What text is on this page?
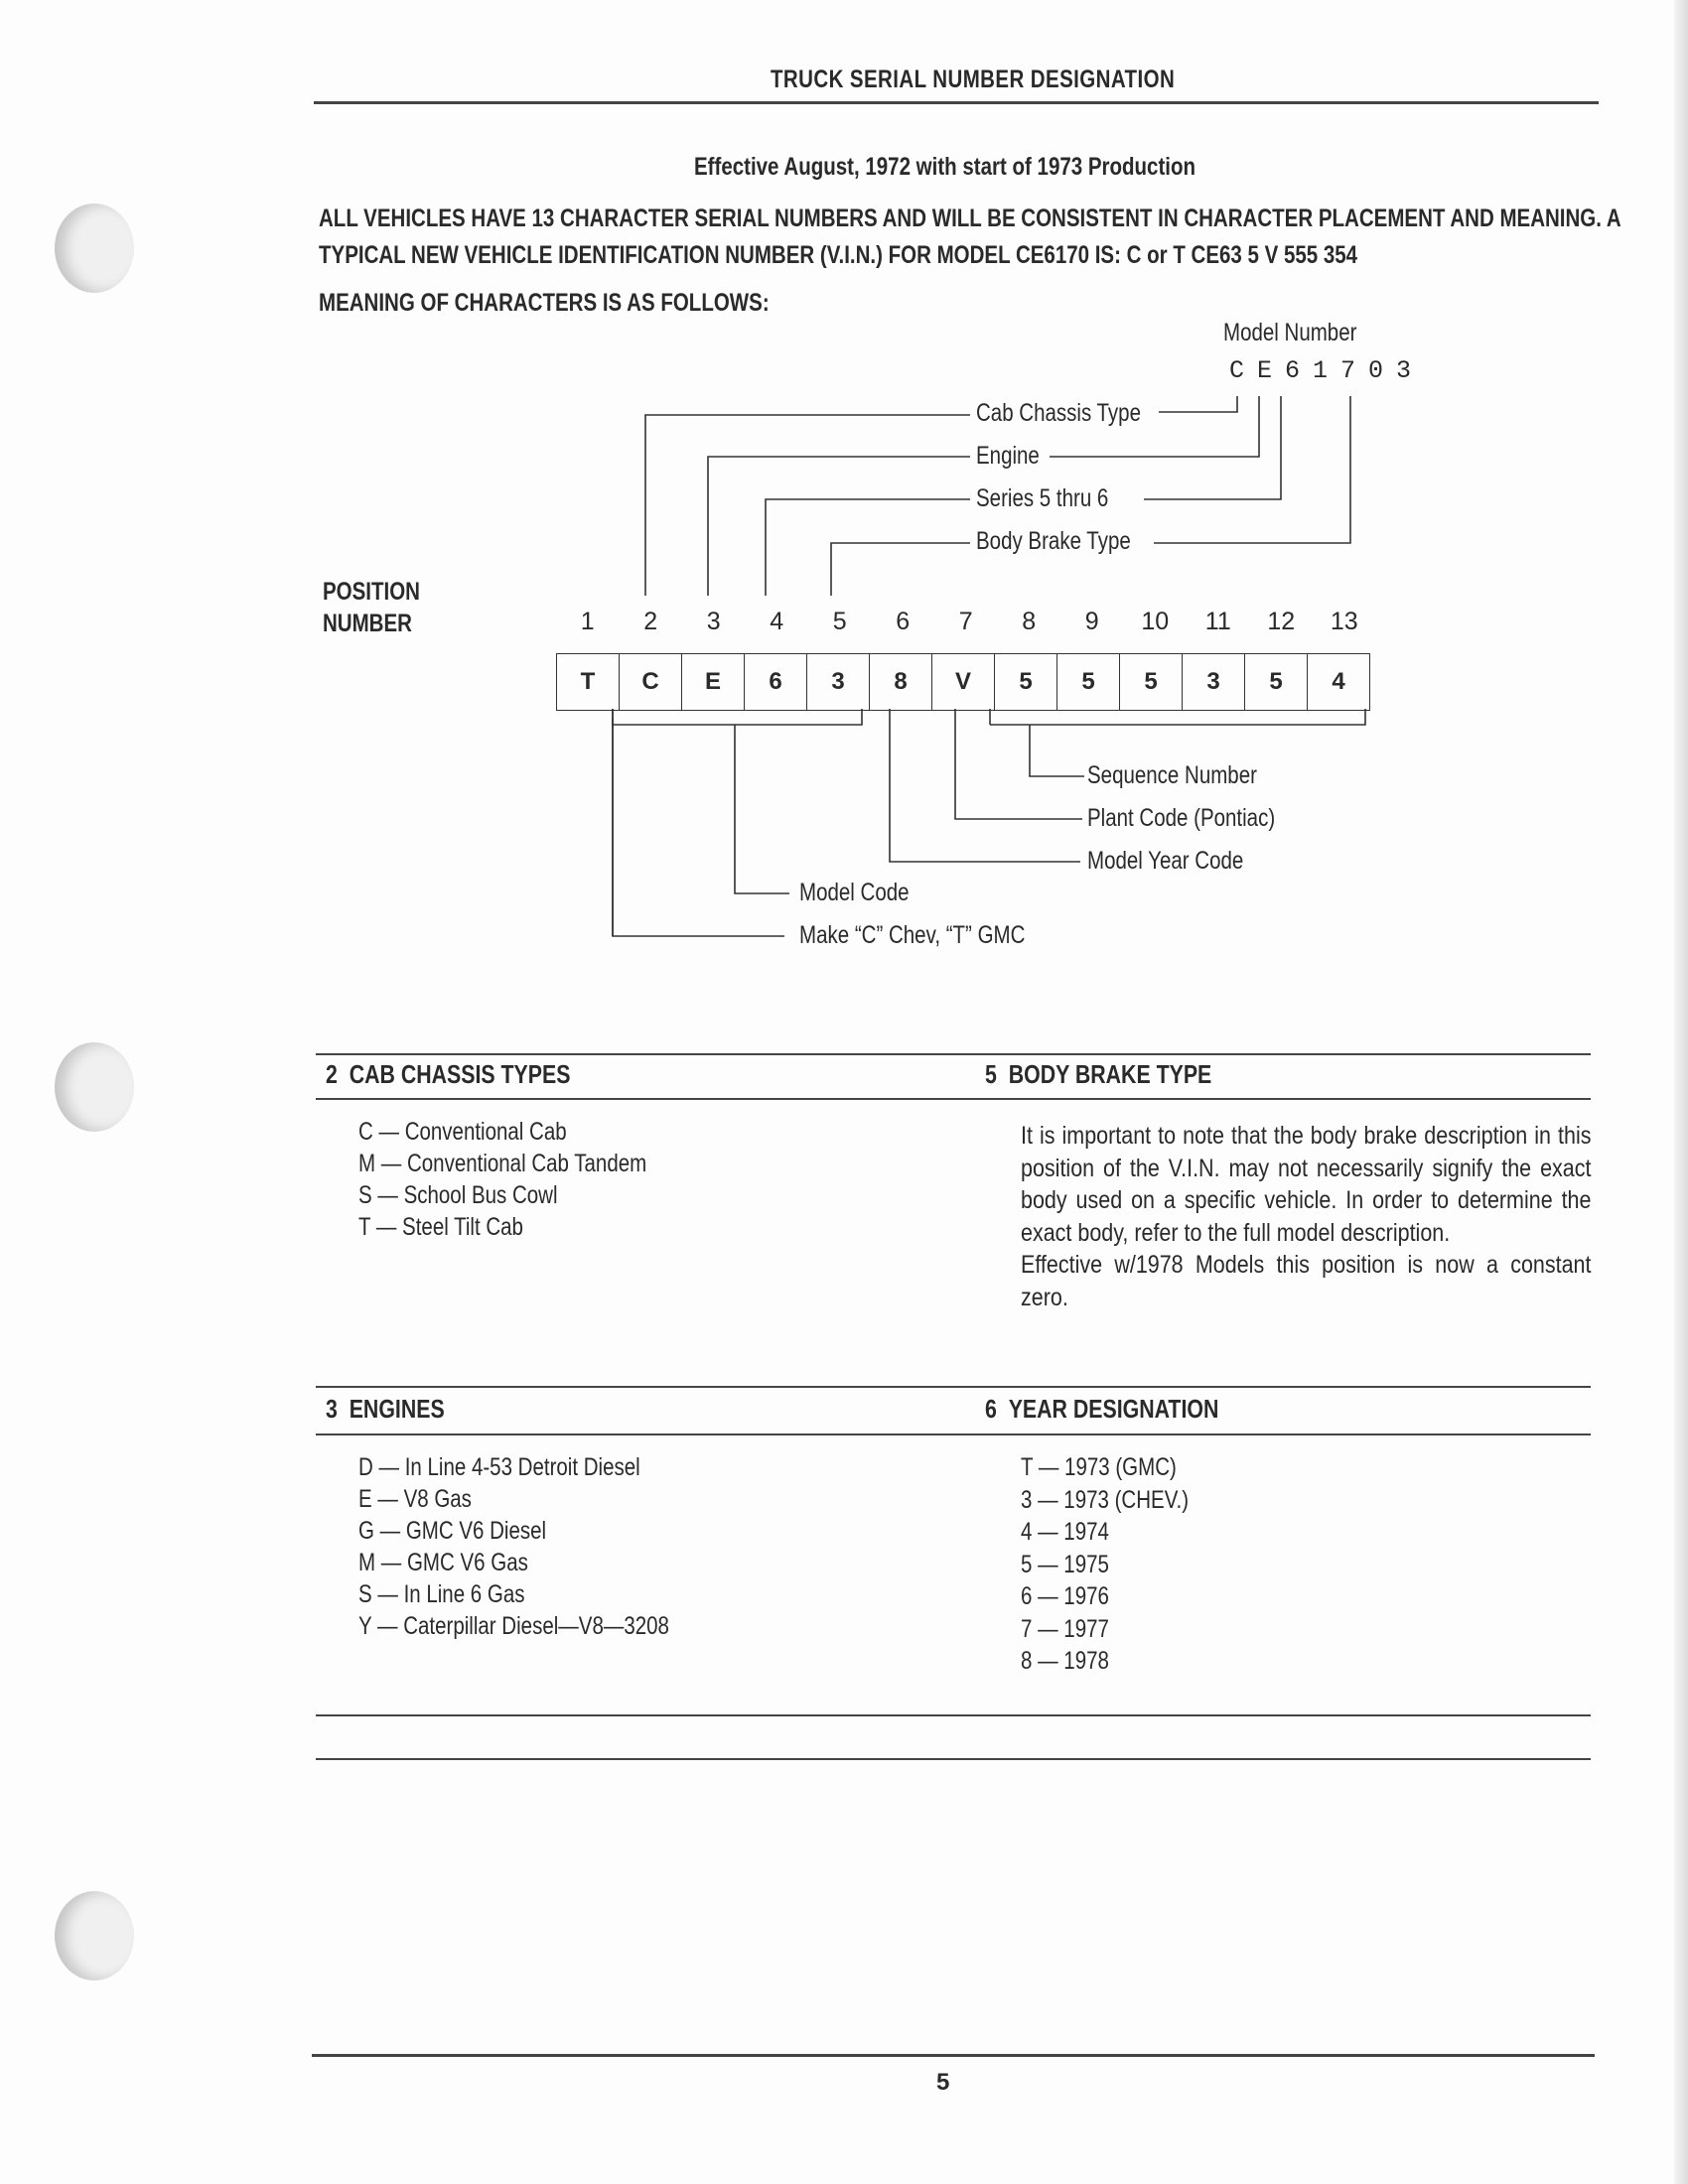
TRUCK SERIAL NUMBER DESIGNATION
Effective August, 1972 with start of 1973 Production
ALL VEHICLES HAVE 13 CHARACTER SERIAL NUMBERS AND WILL BE CONSISTENT IN CHARACTER PLACEMENT AND MEANING. A
TYPICAL NEW VEHICLE IDENTIFICATION NUMBER (V.I.N.) FOR MODEL CE6170 IS: C or T CE63 5 V 555 354
MEANING OF CHARACTERS IS AS FOLLOWS:
Model Number
C E 6 1 7 0 3
Cab Chassis Type
Engine
Series 5 thru 6
Body Brake Type
POSITION
NUMBER	1	2	3	4	5	6	7	8	9	10	11	12	13
T	C	E	6	3	8	V	5	5	5	3	5	4
Sequence Number
Plant Code (Pontiac)
Model Year Code
Model Code
Make “C” Chev, “T” GMC
2 CAB CHASSIS TYPES
C — Conventional Cab
M — Conventional Cab Tandem
S — School Bus Cowl
T — Steel Tilt Cab
5 BODY BRAKE TYPE
It is important to note that the body brake description in this position of the V.I.N. may not necessarily signify the exact body used on a specific vehicle. In order to determine the exact body, refer to the full model description.
Effective w/1978 Models this position is now a constant zero.
3 ENGINES
D — In Line 4-53 Detroit Diesel
E — V8 Gas
G — GMC V6 Diesel
M — GMC V6 Gas
S — In Line 6 Gas
Y — Caterpillar Diesel—V8—3208
6 YEAR DESIGNATION
T — 1973 (GMC)
3 — 1973 (CHEV.)
4 — 1974
5 — 1975
6 — 1976
7 — 1977
8 — 1978
5
